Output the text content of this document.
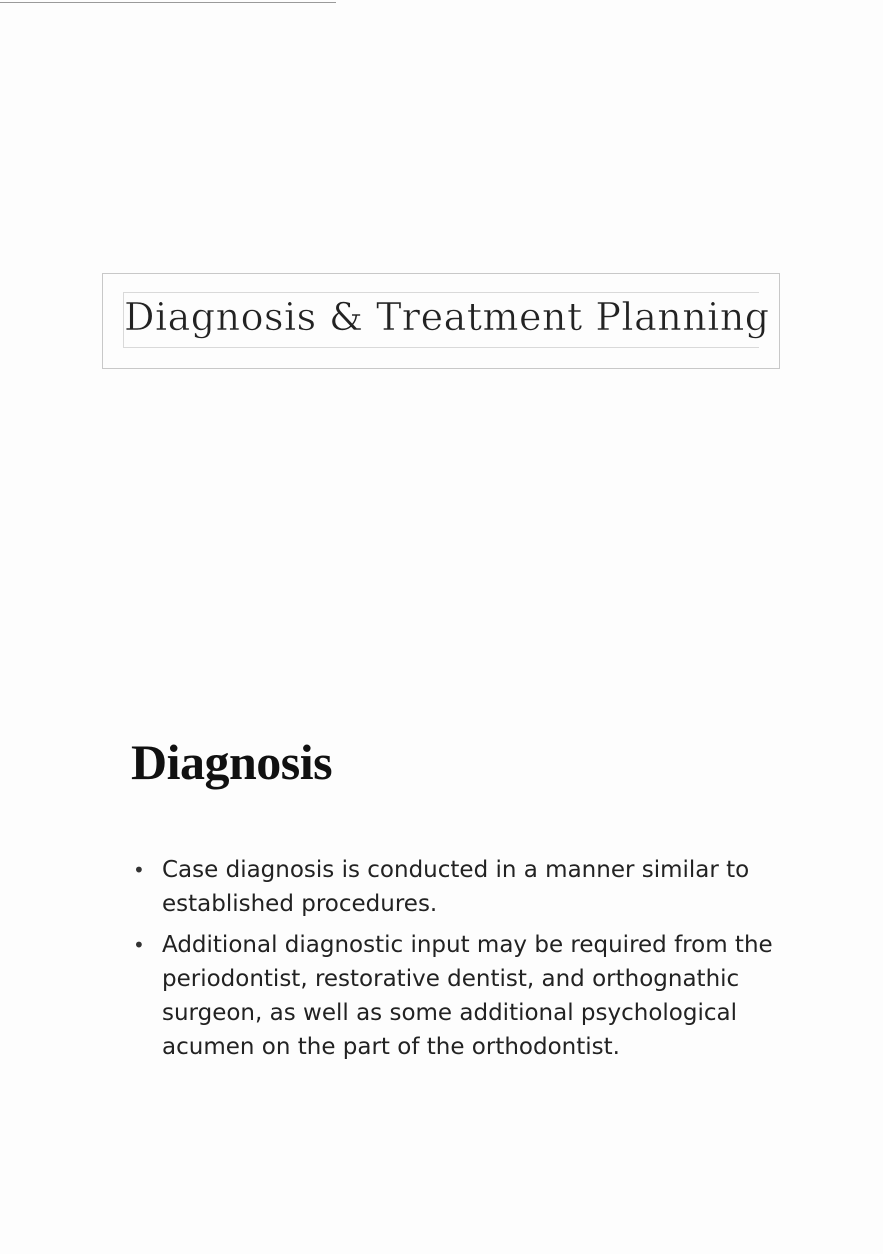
Diagnosis & Treatment Planning
Diagnosis
• Case diagnosis is conducted in a manner similar to established procedures.
• Additional diagnostic input may be required from the periodontist, restorative dentist, and orthognathic surgeon, as well as some additional psychological acumen on the part of the orthodontist.
